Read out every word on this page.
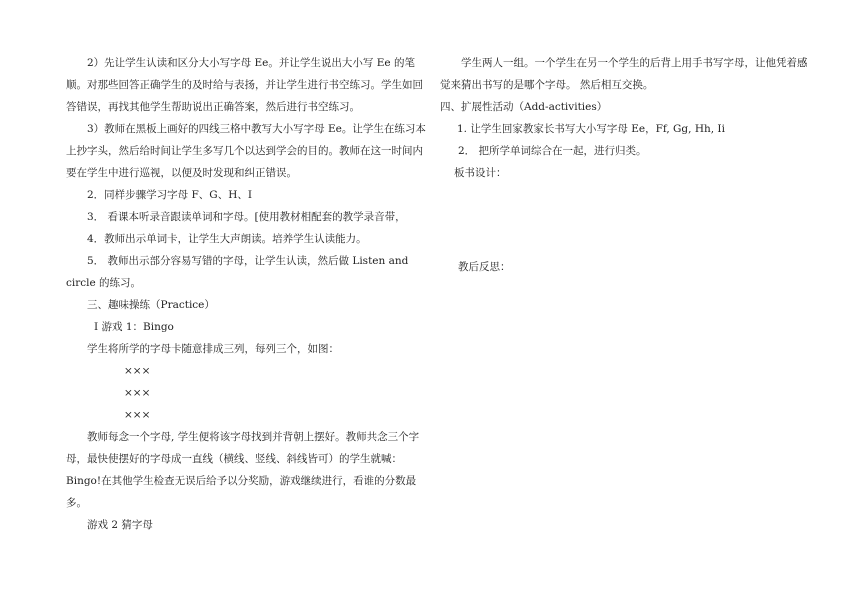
2）先让学生认读和区分大小写字母 Ee。并让学生说出大小写 Ee 的笔顺。对那些回答正确学生的及时给与表扬，并让学生进行书空练习。学生如回答错误，再找其他学生帮助说出正确答案，然后进行书空练习。

3）教师在黑板上画好的四线三格中教写大小写字母 Ee。让学生在练习本上抄字头，然后给时间让学生多写几个以达到学会的目的。教师在这一时间内要在学生中进行巡视，以便及时发现和纠正错误。

2．同样步骤学习字母 F、G、H、I

3． 看课本听录音跟读单词和字母。[使用教材相配套的教学录音带，

4．教师出示单词卡，让学生大声朗读。培养学生认读能力。

5． 教师出示部分容易写错的字母，让学生认读，然后做 Listen and circle 的练习。

三、趣味操练（Practice）

Ⅰ 游戏 1：Bingo

学生将所学的字母卡随意排成三列，每列三个，如图：

×××

×××

×××

教师每念一个字母, 学生便将该字母找到并背朝上摆好。教师共念三个字母，最快使摆好的字母成一直线（横线、竖线、斜线皆可）的学生就喊：Bingo!在其他学生检查无误后给予以分奖励，游戏继续进行，看谁的分数最多。

游戏 2 猜字母

学生两人一组。一个学生在另一个学生的后背上用手书写字母，让他凭着感觉来猜出书写的是哪个字母。 然后相互交换。

四、扩展性活动（Add-activities）

1. 让学生回家教家长书写大小写字母 Ee，Ff, Gg, Hh, Ii

2． 把所学单词综合在一起，进行归类。

板书设计：

教后反思：
